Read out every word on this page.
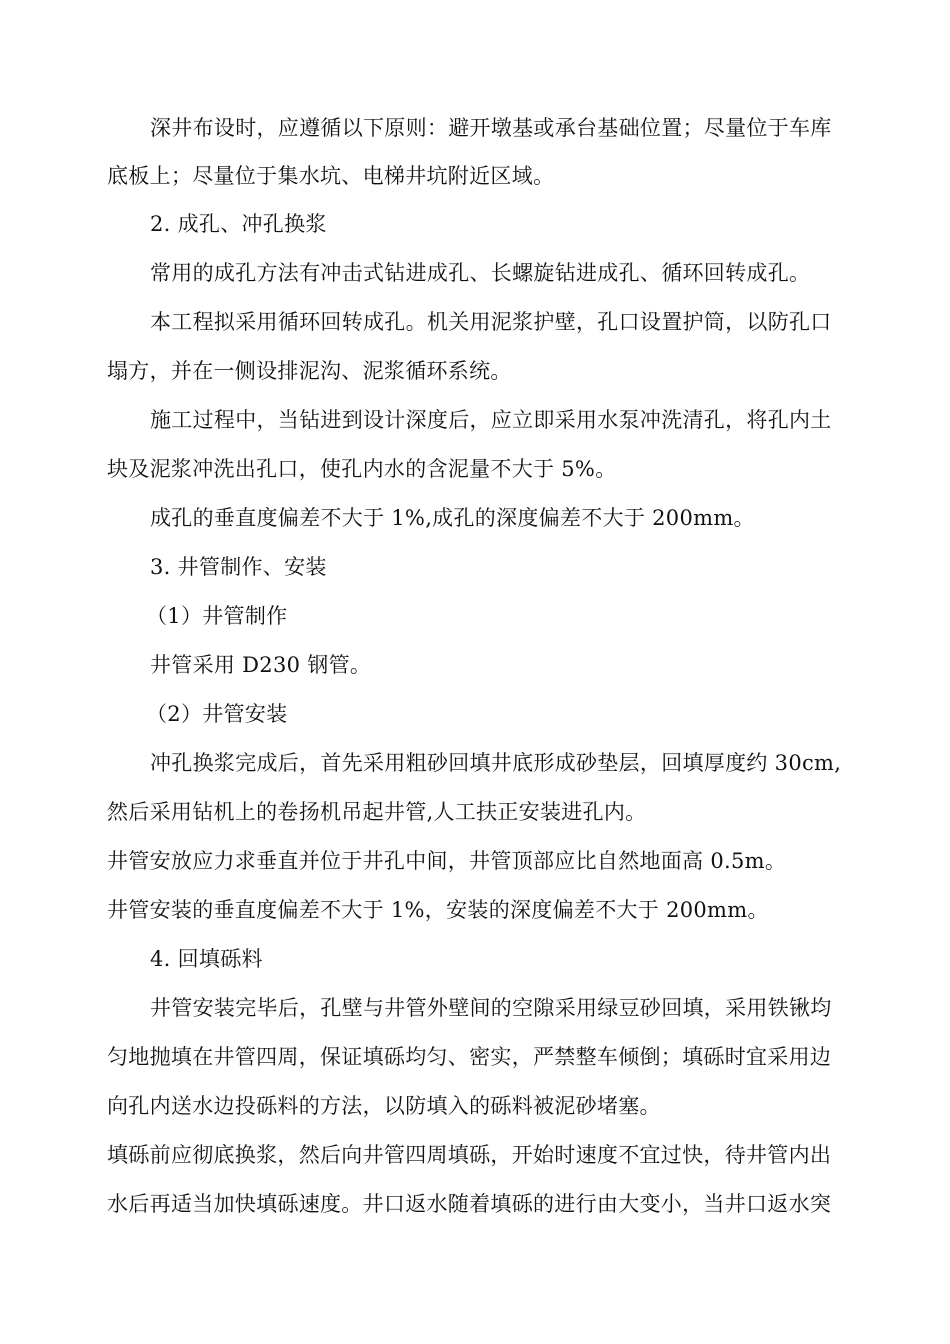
深井布设时，应遵循以下原则：避开墩基或承台基础位置；尽量位于车库
底板上；尽量位于集水坑、电梯井坑附近区域。
2. 成孔、冲孔换浆
常用的成孔方法有冲击式钻进成孔、长螺旋钻进成孔、循环回转成孔。
本工程拟采用循环回转成孔。机关用泥浆护壁，孔口设置护筒，以防孔口
塌方，并在一侧设排泥沟、泥浆循环系统。
施工过程中，当钻进到设计深度后，应立即采用水泵冲洗清孔，将孔内土
块及泥浆冲洗出孔口，使孔内水的含泥量不大于 5%。
成孔的垂直度偏差不大于 1%,成孔的深度偏差不大于 200mm。
3. 井管制作、安装
（1）井管制作
井管采用 D230 钢管。
（2）井管安装
冲孔换浆完成后，首先采用粗砂回填井底形成砂垫层，回填厚度约 30cm,
然后采用钻机上的卷扬机吊起井管,人工扶正安装进孔内。
井管安放应力求垂直并位于井孔中间，井管顶部应比自然地面高 0.5m。
井管安装的垂直度偏差不大于 1%，安装的深度偏差不大于 200mm。
4. 回填砾料
井管安装完毕后，孔壁与井管外壁间的空隙采用绿豆砂回填，采用铁锹均
匀地抛填在井管四周，保证填砾均匀、密实，严禁整车倾倒；填砾时宜采用边
向孔内送水边投砾料的方法，以防填入的砾料被泥砂堵塞。
填砾前应彻底换浆，然后向井管四周填砾，开始时速度不宜过快，待井管内出
水后再适当加快填砾速度。井口返水随着填砾的进行由大变小，当井口返水突
